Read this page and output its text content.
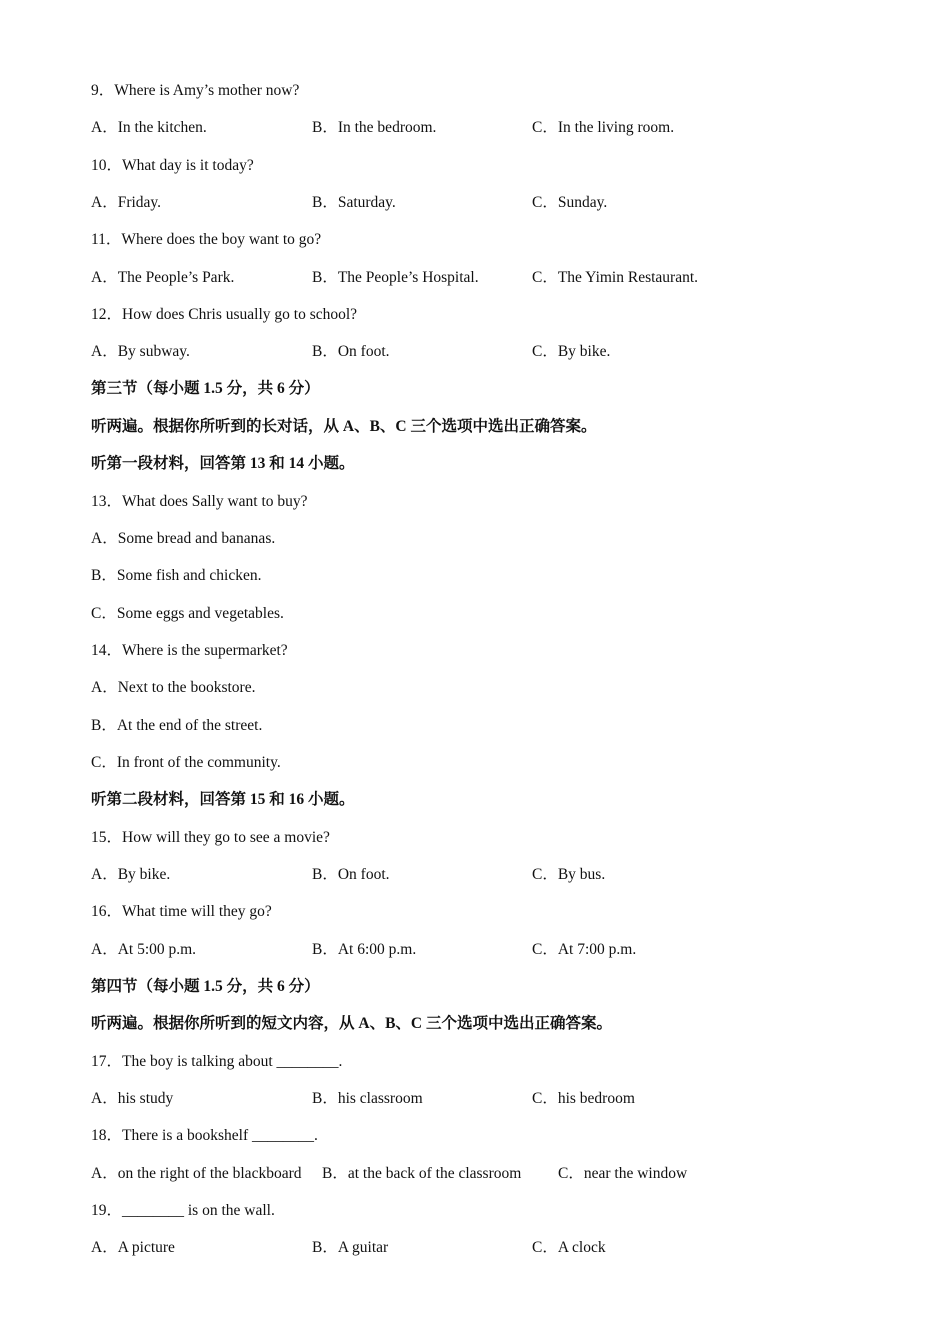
9．Where is Amy’s mother now?
A．In the kitchen.	B．In the bedroom.	C．In the living room.
10．What day is it today?
A．Friday.	B．Saturday.	C．Sunday.
11．Where does the boy want to go?
A．The People’s Park.	B．The People’s Hospital.	C．The Yimin Restaurant.
12．How does Chris usually go to school?
A．By subway.	B．On foot.	C．By bike.
第三节（每小题 1.5 分，共 6 分）
听两遍。根据你所听到的长对话，从 A、B、C 三个选项中选出正确答案。
听第一段材料，回答第 13 和 14 小题。
13．What does Sally want to buy?
A．Some bread and bananas.
B．Some fish and chicken.
C．Some eggs and vegetables.
14．Where is the supermarket?
A．Next to the bookstore.
B．At the end of the street.
C．In front of the community.
听第二段材料，回答第 15 和 16 小题。
15．How will they go to see a movie?
A．By bike.	B．On foot.	C．By bus.
16．What time will they go?
A．At 5:00 p.m.	B．At 6:00 p.m.	C．At 7:00 p.m.
第四节（每小题 1.5 分，共 6 分）
听两遍。根据你所听到的短文内容，从 A、B、C 三个选项中选出正确答案。
17．The boy is talking about ________.
A．his study	B．his classroom	C．his bedroom
18．There is a bookshelf ________.
A．on the right of the blackboard B．at the back of the classroom C．near the window
19．________ is on the wall.
A．A picture	B．A guitar	C．A clock
